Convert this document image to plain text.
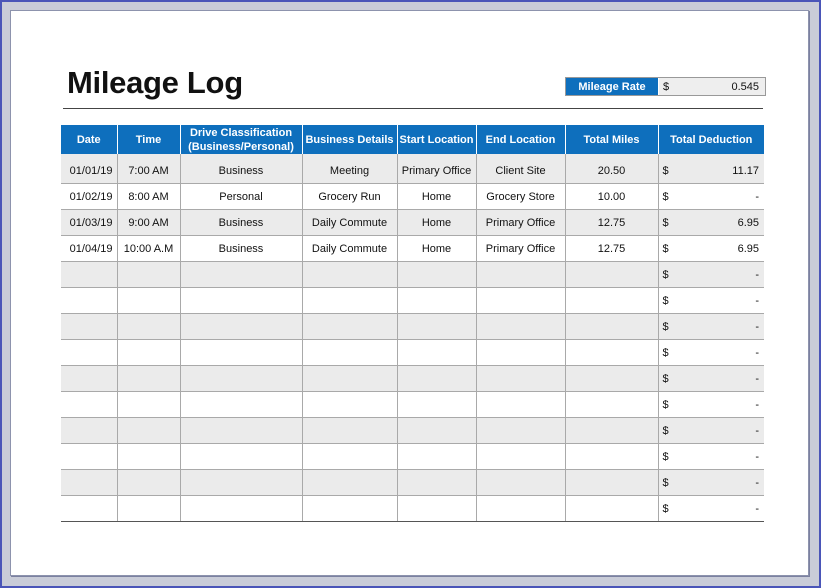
Mileage Log	Mileage Rate	$	0.545
Date	Time	Drive Classification (Business/Personal)	Business Details	Start Location	End Location	Total Miles	Total Deduction
01/01/19	7:00 AM	Business	Meeting	Primary Office	Client Site	20.50	$ 11.17

01/02/19	8:00 AM	Personal	Grocery Run	Home	Grocery Store	10.00	$ -

01/03/19	9:00 AM	Business	Daily Commute	Home	Primary Office	12.75	$ 6.95

01/04/19	10:00 A.M	Business	Daily Commute	Home	Primary Office	12.75	$ 6.95

							$ -

							$ -

							$ -

							$ -

							$ -

							$ -

							$ -

							$ -

							$ -

							$ -
